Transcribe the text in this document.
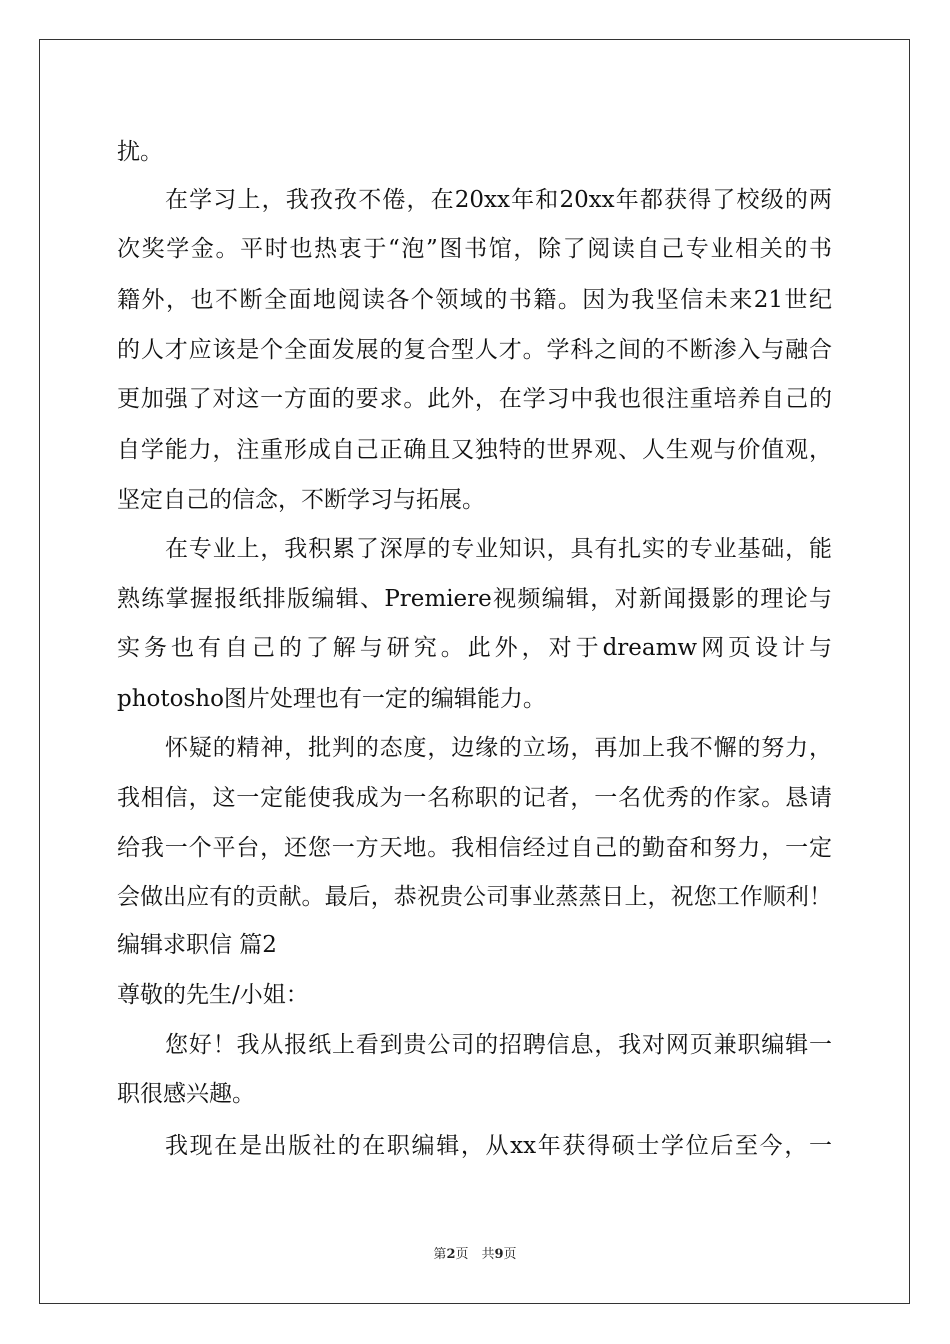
扰。
在学习上，我孜孜不倦，在20xx年和20xx年都获得了校级的两
次奖学金。平时也热衷于“泡”图书馆，除了阅读自己专业相关的书
籍外，也不断全面地阅读各个领域的书籍。因为我坚信未来21世纪
的人才应该是个全面发展的复合型人才。学科之间的不断渗入与融合
更加强了对这一方面的要求。此外，在学习中我也很注重培养自己的
自学能力，注重形成自己正确且又独特的世界观、人生观与价值观，
坚定自己的信念，不断学习与拓展。
在专业上，我积累了深厚的专业知识，具有扎实的专业基础，能
熟练掌握报纸排版编辑、Premiere视频编辑，对新闻摄影的理论与
实务也有自己的了解与研究。此外，对于dreamw网页设计与
photosho图片处理也有一定的编辑能力。
怀疑的精神，批判的态度，边缘的立场，再加上我不懈的努力，
我相信，这一定能使我成为一名称职的记者，一名优秀的作家。恳请
给我一个平台，还您一方天地。我相信经过自己的勤奋和努力，一定
会做出应有的贡献。最后，恭祝贵公司事业蒸蒸日上，祝您工作顺利！
编辑求职信 篇2
尊敬的先生/小姐：
您好！我从报纸上看到贵公司的招聘信息，我对网页兼职编辑一
职很感兴趣。
我现在是出版社的在职编辑，从xx年获得硕士学位后至今，一
第2页　共9页
